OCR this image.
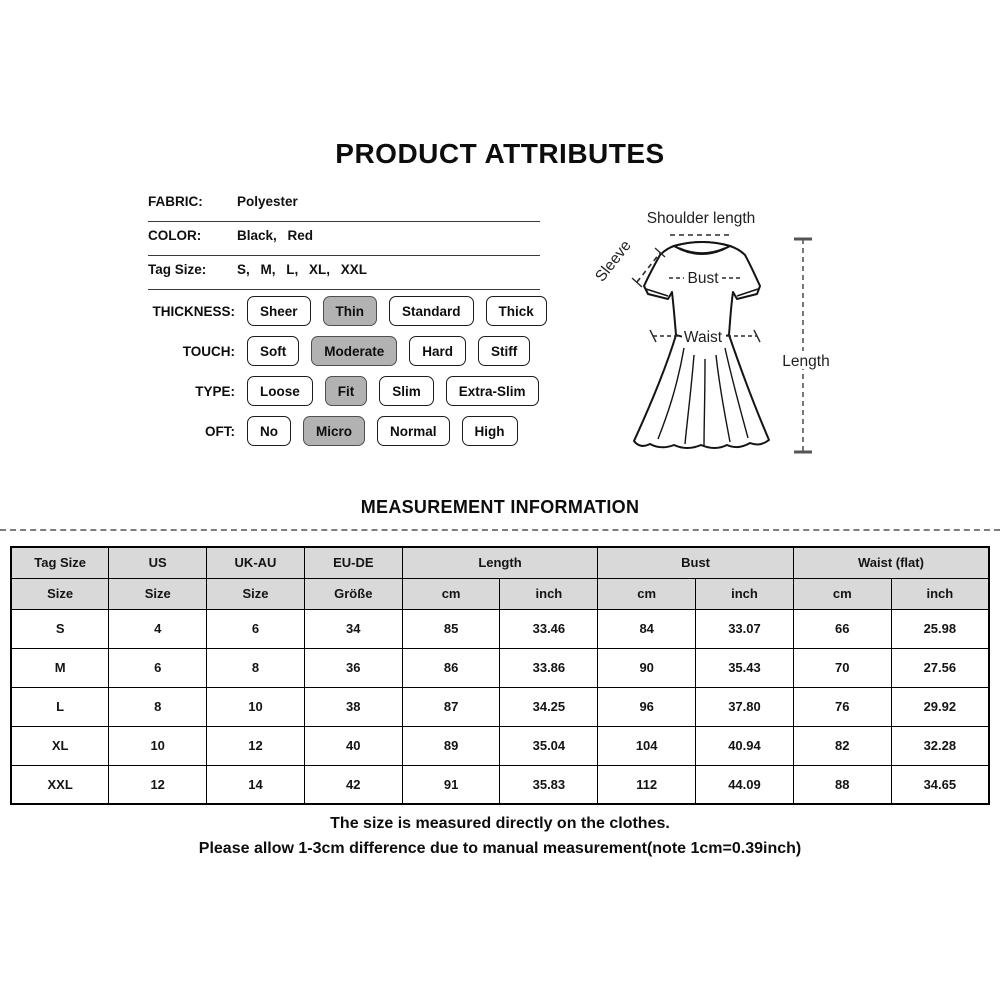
PRODUCT ATTRIBUTES
FABRIC:	Polyester
COLOR:	Black, Red
Tag Size:	S, M, L, XL, XXL
THICKNESS:	Sheer	Thin	Standard	Thick
TOUCH:	Soft	Moderate	Hard	Stiff
TYPE:	Loose	Fit	Slim	Extra-Slim
OFT:	No	Micro	Normal	High
Shoulder length
Sleeve	Bust
Waist
Length
MEASUREMENT INFORMATION
Tag Size	US	UK-AU	EU-DE	Length		Bust		Waist (flat)	
Size	Size	Size	Größe	cm	inch	cm	inch	cm	inch
S	4	6	34	85	33.46	84	33.07	66	25.98
M	6	8	36	86	33.86	90	35.43	70	27.56
L	8	10	38	87	34.25	96	37.80	76	29.92
XL	10	12	40	89	35.04	104	40.94	82	32.28
XXL	12	14	42	91	35.83	112	44.09	88	34.65

The size is measured directly on the clothes.

Please allow 1-3cm difference due to manual measurement(note 1cm=0.39inch)
